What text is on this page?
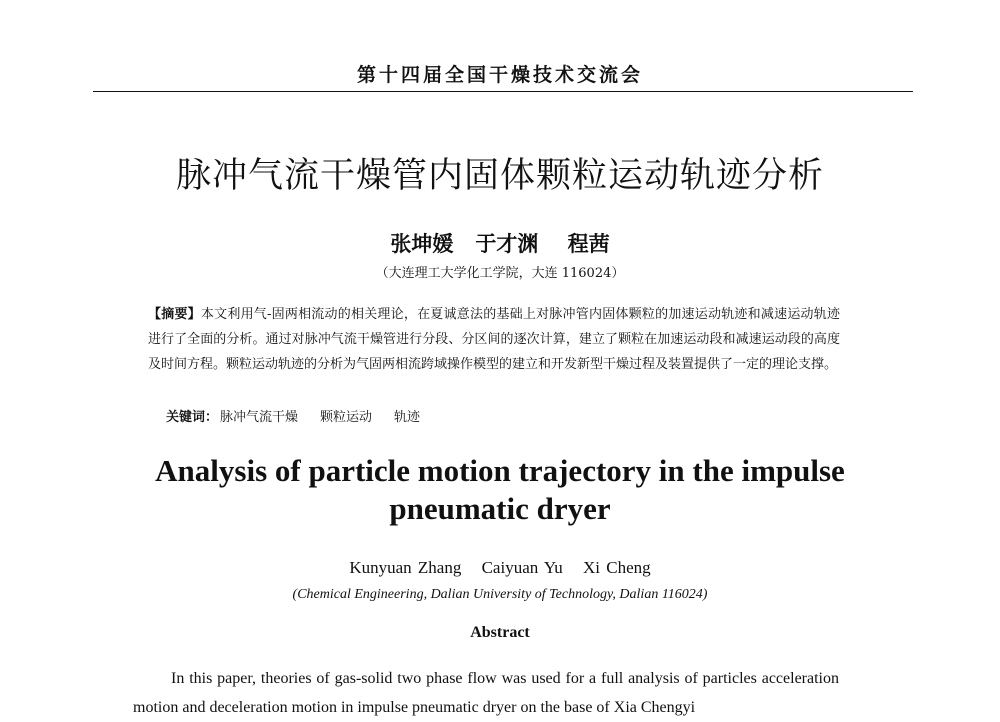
第十四届全国干燥技术交流会
脉冲气流干燥管内固体颗粒运动轨迹分析
张坤媛 于才渊 程茜
（大连理工大学化工学院，大连 116024）
【摘要】本文利用气-固两相流动的相关理论，在夏诚意法的基础上对脉冲管内固体颗粒的加速运动轨迹和减速运动轨迹进行了全面的分析。通过对脉冲气流干燥管进行分段、分区间的逐次计算，建立了颗粒在加速运动段和减速运动段的高度及时间方程。颗粒运动轨迹的分析为气固两相流跨域操作模型的建立和开发新型干燥过程及装置提供了一定的理论支撑。
关键词： 脉冲气流干燥 颗粒运动 轨迹
Analysis of particle motion trajectory in the impulse pneumatic dryer
Kunyuan Zhang Caiyuan Yu Xi Cheng
(Chemical Engineering, Dalian University of Technology, Dalian 116024)
Abstract
In this paper, theories of gas-solid two phase flow was used for a full analysis of particles acceleration motion and deceleration motion in impulse pneumatic dryer on the base of Xia Chengyi
